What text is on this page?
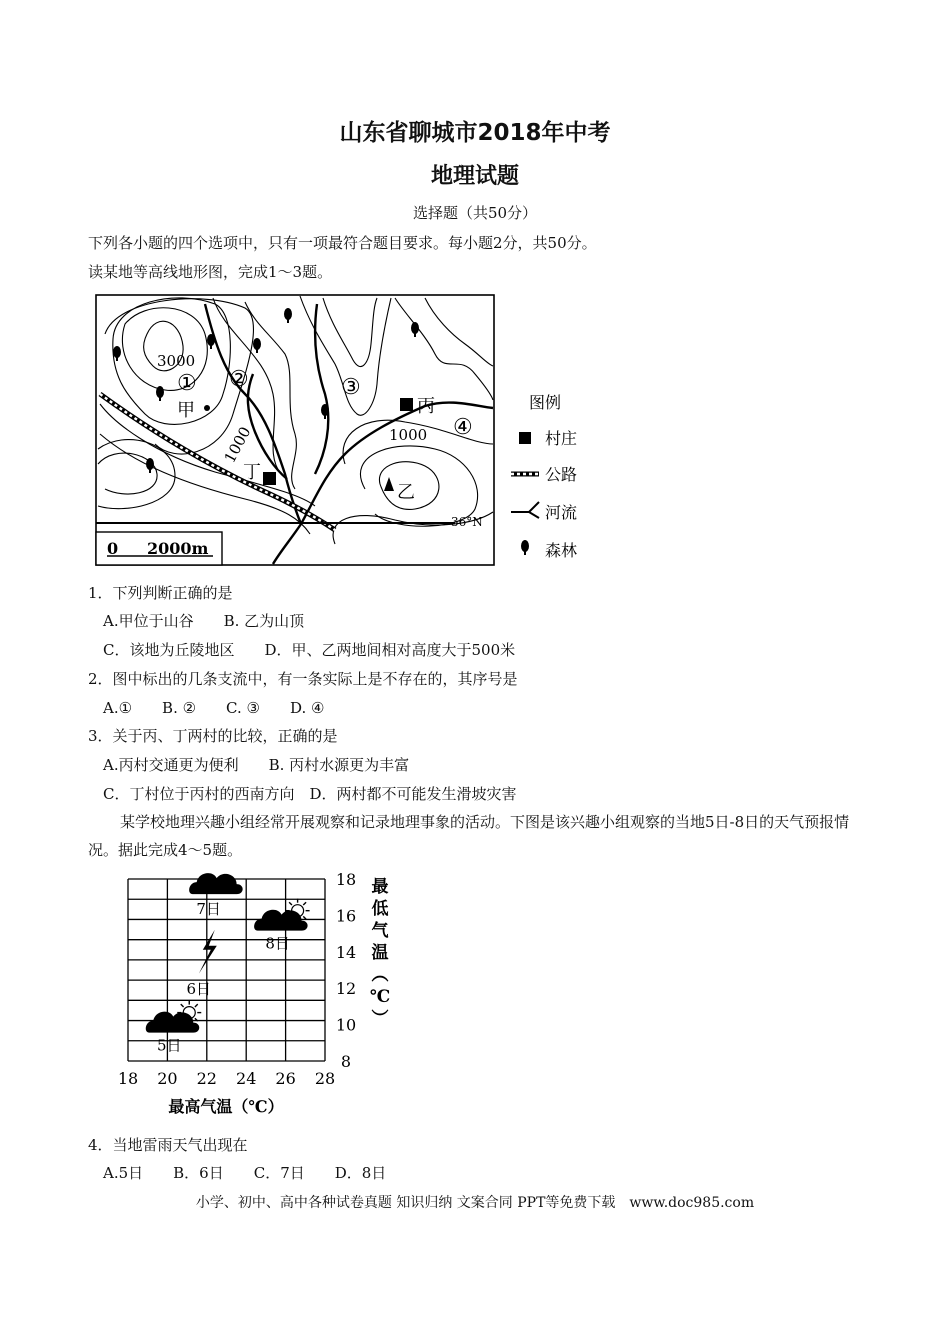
山东省聊城市2018年中考
地理试题
选择题（共50分）
下列各小题的四个选项中，只有一项最符合题目要求。每小题2分，共50分。
读某地等高线地形图，完成1～3题。
3000
1000	1000
甲
乙
丙
丁
36°N
0 2000m
① ②	③
④
图例
村庄
公路
河流
森林
1．下列判断正确的是
A.甲位于山谷　　B. 乙为山顶
C．该地为丘陵地区　　D．甲、乙两地间相对高度大于500米
2．图中标出的几条支流中，有一条实际上是不存在的，其序号是
A.①　　B. ②　　C. ③　　D. ④
3．关于丙、丁两村的比较，正确的是
A.丙村交通更为便利　　B. 丙村水源更为丰富
C．丁村位于丙村的西南方向　D．两村都不可能发生滑坡灾害
某学校地理兴趣小组经常开展观察和记录地理事象的活动。下图是该兴趣小组观察的当地5日-8日的天气预报情况。据此完成4～5题。
18 20 22 24 26 28
8
10
12
14
16
18
最高气温（℃）
最
低
气
温
︵
℃
︶
5日
6日
7日
8日
4．当地雷雨天气出现在
A.5日　　B．6日　　C．7日　　D．8日
小学、初中、高中各种试卷真题 知识归纳 文案合同 PPT等免费下载　www.doc985.com
